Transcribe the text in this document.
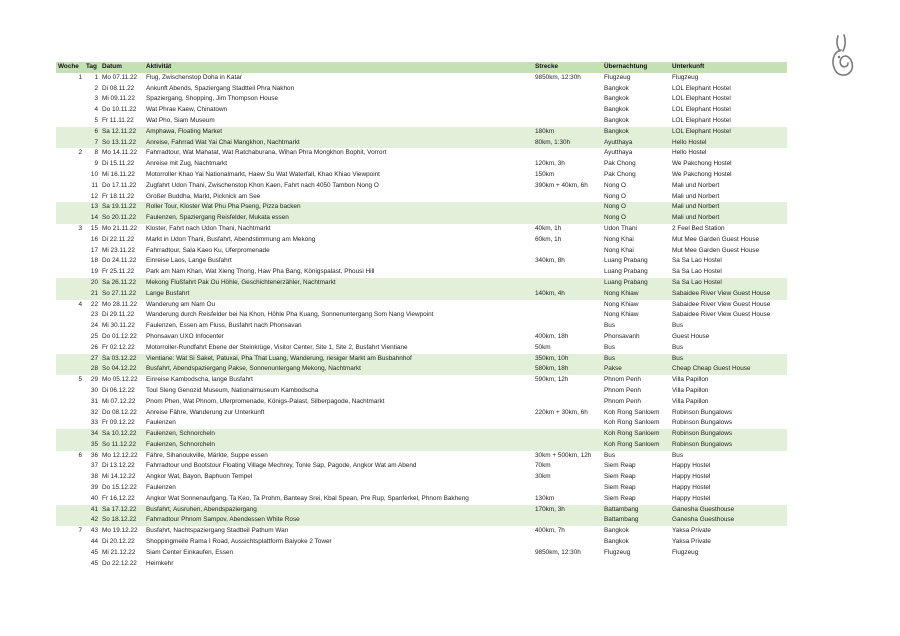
Woche	Tag	Datum	Aktivität	Strecke	Übernachtung	Unterkunft
1	1	Mo 07.11.22	Flug, Zwischenstop Doha in Katar	9850km, 12:30h	Flugzeug	Flugzeug
	2	Di 08.11.22	Ankunft Abends, Spaziergang Stadtteil Phra Nakhon		Bangkok	LOL Elephant Hostel
	3	Mi 09.11.22	Spaziergang, Shopping, Jim Thompson House		Bangkok	LOL Elephant Hostel
	4	Do 10.11.22	Wat Phrae Kaew, Chinatown		Bangkok	LOL Elephant Hostel
	5	Fr 11.11.22	Wat Pho, Siam Museum		Bangkok	LOL Elephant Hostel
	6	Sa 12.11.22	Amphawa, Floating Market	180km	Bangkok	LOL Elephant Hostel
	7	So 13.11.22	Anreise, Fahrrad Wat Yai Chai Mangkhon, Nachtmarkt	80km, 1:30h	Ayutthaya	Hello Hostel
2	8	Mo 14.11.22	Fahrradtour, Wat Mahatat, Wat Ratchaburana, Wihan Phra Mongkhon Bophit, Vorrort		Ayutthaya	Hello Hostel
	9	Di 15.11.22	Anreise mit Zug, Nachtmarkt	120km, 3h	Pak Chong	We Pakchong Hostel
	10	Mi 16.11.22	Motorroller Khao Yai Nationalmarkt, Haew Su Wat Waterfall, Khao Khiao Viewpoint	150km	Pak Chong	We Pakchong Hostel
	11	Do 17.11.22	Zugfahrt Udon Thani, Zwischenstop Khon Kaen, Fahrt nach 4050 Tambon Nong O	390km + 40km, 6h	Nong O	Mali und Norbert
	12	Fr 18.11.22	Großer Buddha, Markt, Picknick am See		Nong O	Mali und Norbert
	13	Sa 19.11.22	Roller Tour, Kloster Wat Phu Pha Pseng, Pizza backen		Nong O	Mali und Norbert
	14	So 20.11.22	Faulenzen, Spaziergang Reisfelder, Mukata essen		Nong O	Mali und Norbert
3	15	Mo 21.11.22	Kloster, Fahrt nach Udon Thani, Nachtmarkt	40km, 1h	Udon Thani	2 Feel Bed Station
	16	Di 22.11.22	Markt in Udon Thani, Busfahrt, Abendstimmung am Mekong	60km, 1h	Nong Khai	Mut Mee Garden Guest House
	17	Mi 23.11.22	Fahrradtour, Sala Kaeo Ku, Uferpromenade		Nong Khai	Mut Mee Garden Guest House
	18	Do 24.11.22	Einreise Laos, Lange Busfahrt	340km, 8h	Luang Prabang	Sa Sa Lao Hostel
	19	Fr 25.11.22	Park am Nam Khan, Wat Xieng Thong, Haw Pha Bang, Königspalast, Phousi Hill		Luang Prabang	Sa Sa Lao Hostel
	20	Sa 26.11.22	Mekong Flußfahrt Pak Ou Höhle, Geschichtenerzähler, Nachtmarkt		Luang Prabang	Sa Sa Lao Hostel
	21	So 27.11.22	Lange Busfahrt	140km, 4h	Nong Khiaw	Sabaidee River View Guest House
4	22	Mo 28.11.22	Wanderung am Nam Ou		Nong Khiaw	Sabaidee River View Guest House
	23	Di 29.11.22	Wanderung durch Reisfelder bei Na Khon, Höhle Pha Kuang, Sonnenuntergang Som Nang Viewpoint		Nong Khiaw	Sabaidee River View Guest House
	24	Mi 30.11.22	Faulenzen, Essen am Fluss, Busfahrt nach Phonsavan		Bus	Bus
	25	Do 01.12.22	Phonsavan UXO Infocenter	400km, 18h	Phonsavanh	Guest House
	26	Fr 02.12.22	Motorroller-Rundfahrt Ebene der Steinkrüge, Visitor Center, Site 1, Site 2, Busfahrt Vientiane	50km	Bus	Bus
	27	Sa 03.12.22	Vientiane: Wat Si Saket, Patuxai, Pha That Luang, Wanderung, riesiger Markt am Busbahnhof	350km, 10h	Bus	Bus
	28	So 04.12.22	Busfahrt, Abendspaziergang Pakse, Sonnenuntergang Mekong, Nachtmarkt	580km, 18h	Pakse	Cheap Cheap Guest House
5	29	Mo 05.12.22	Einreise Kambodscha, lange Busfahrt	590km, 12h	Phnom Penh	Villa Papillon
	30	Di 06.12.22	Toul Sleng Genozid Museum, Nationalmuseum Kambodscha		Phnom Penh	Villa Papillon
	31	Mi 07.12.22	Pnom Phen, Wat Phnom, Uferpromenade, Königs-Palast, Silberpagode, Nachtmarkt		Phnom Penh	Villa Papillon
	32	Do 08.12.22	Anreise Fähre, Wanderung zur Unterkunft	220km + 30km, 6h	Koh Rong Sanloem	Robinson Bungalows
	33	Fr 09.12.22	Faulenzen		Koh Rong Sanloem	Robinson Bungalows
	34	Sa 10.12.22	Faulenzen, Schnorcheln		Koh Rong Sanloem	Robinson Bungalows
	35	So 11.12.22	Faulenzen, Schnorcheln		Koh Rong Sanloem	Robinson Bungalows
6	36	Mo 12.12.22	Fähre, Sihanoukville, Märkte, Suppe essen	30km + 500km, 12h	Bus	Bus
	37	Di 13.12.22	Fahrradtour und Bootstour Floating Village Mechrey, Tonle Sap, Pagode, Angkor Wat am Abend	70km	Siem Reap	Happy Hostel
	38	Mi 14.12.22	Angkor Wat, Bayon, Baphuon Tempel	30km	Siem Reap	Happy Hostel
	39	Do 15.12.22	Faulenzen		Siem Reap	Happy Hostel
	40	Fr 16.12.22	Angkor Wat Sonnenaufgang, Ta Keo, Ta Prohm, Banteay Srei, Kbal Spean, Pre Rup, Spanferkel, Phnom Bakheng	130km	Siem Reap	Happy Hostel
	41	Sa 17.12.22	Busfahrt, Ausruhen, Abendspaziergang	170km, 3h	Battambang	Ganesha Guesthouse
	42	So 18.12.22	Fahrradtour Phnom Sampov, Abendessen White Rose		Battambang	Ganesha Guesthouse
7	43	Mo 19.12.22	Busfahrt, Nachtspaziergang Stadtteil Pathum Wan	400km, 7h	Bangkok	Yaksa Private
	44	Di 20.12.22	Shoppingmeile Rama I Road, Aussichtsplattform Baiyoke 2 Tower		Bangkok	Yaksa Private
	45	Mi 21.12.22	Siam Center Einkaufen, Essen	9850km, 12:30h	Flugzeug	Flugzeug
	45	Do 22.12.22	Heimkehr			
